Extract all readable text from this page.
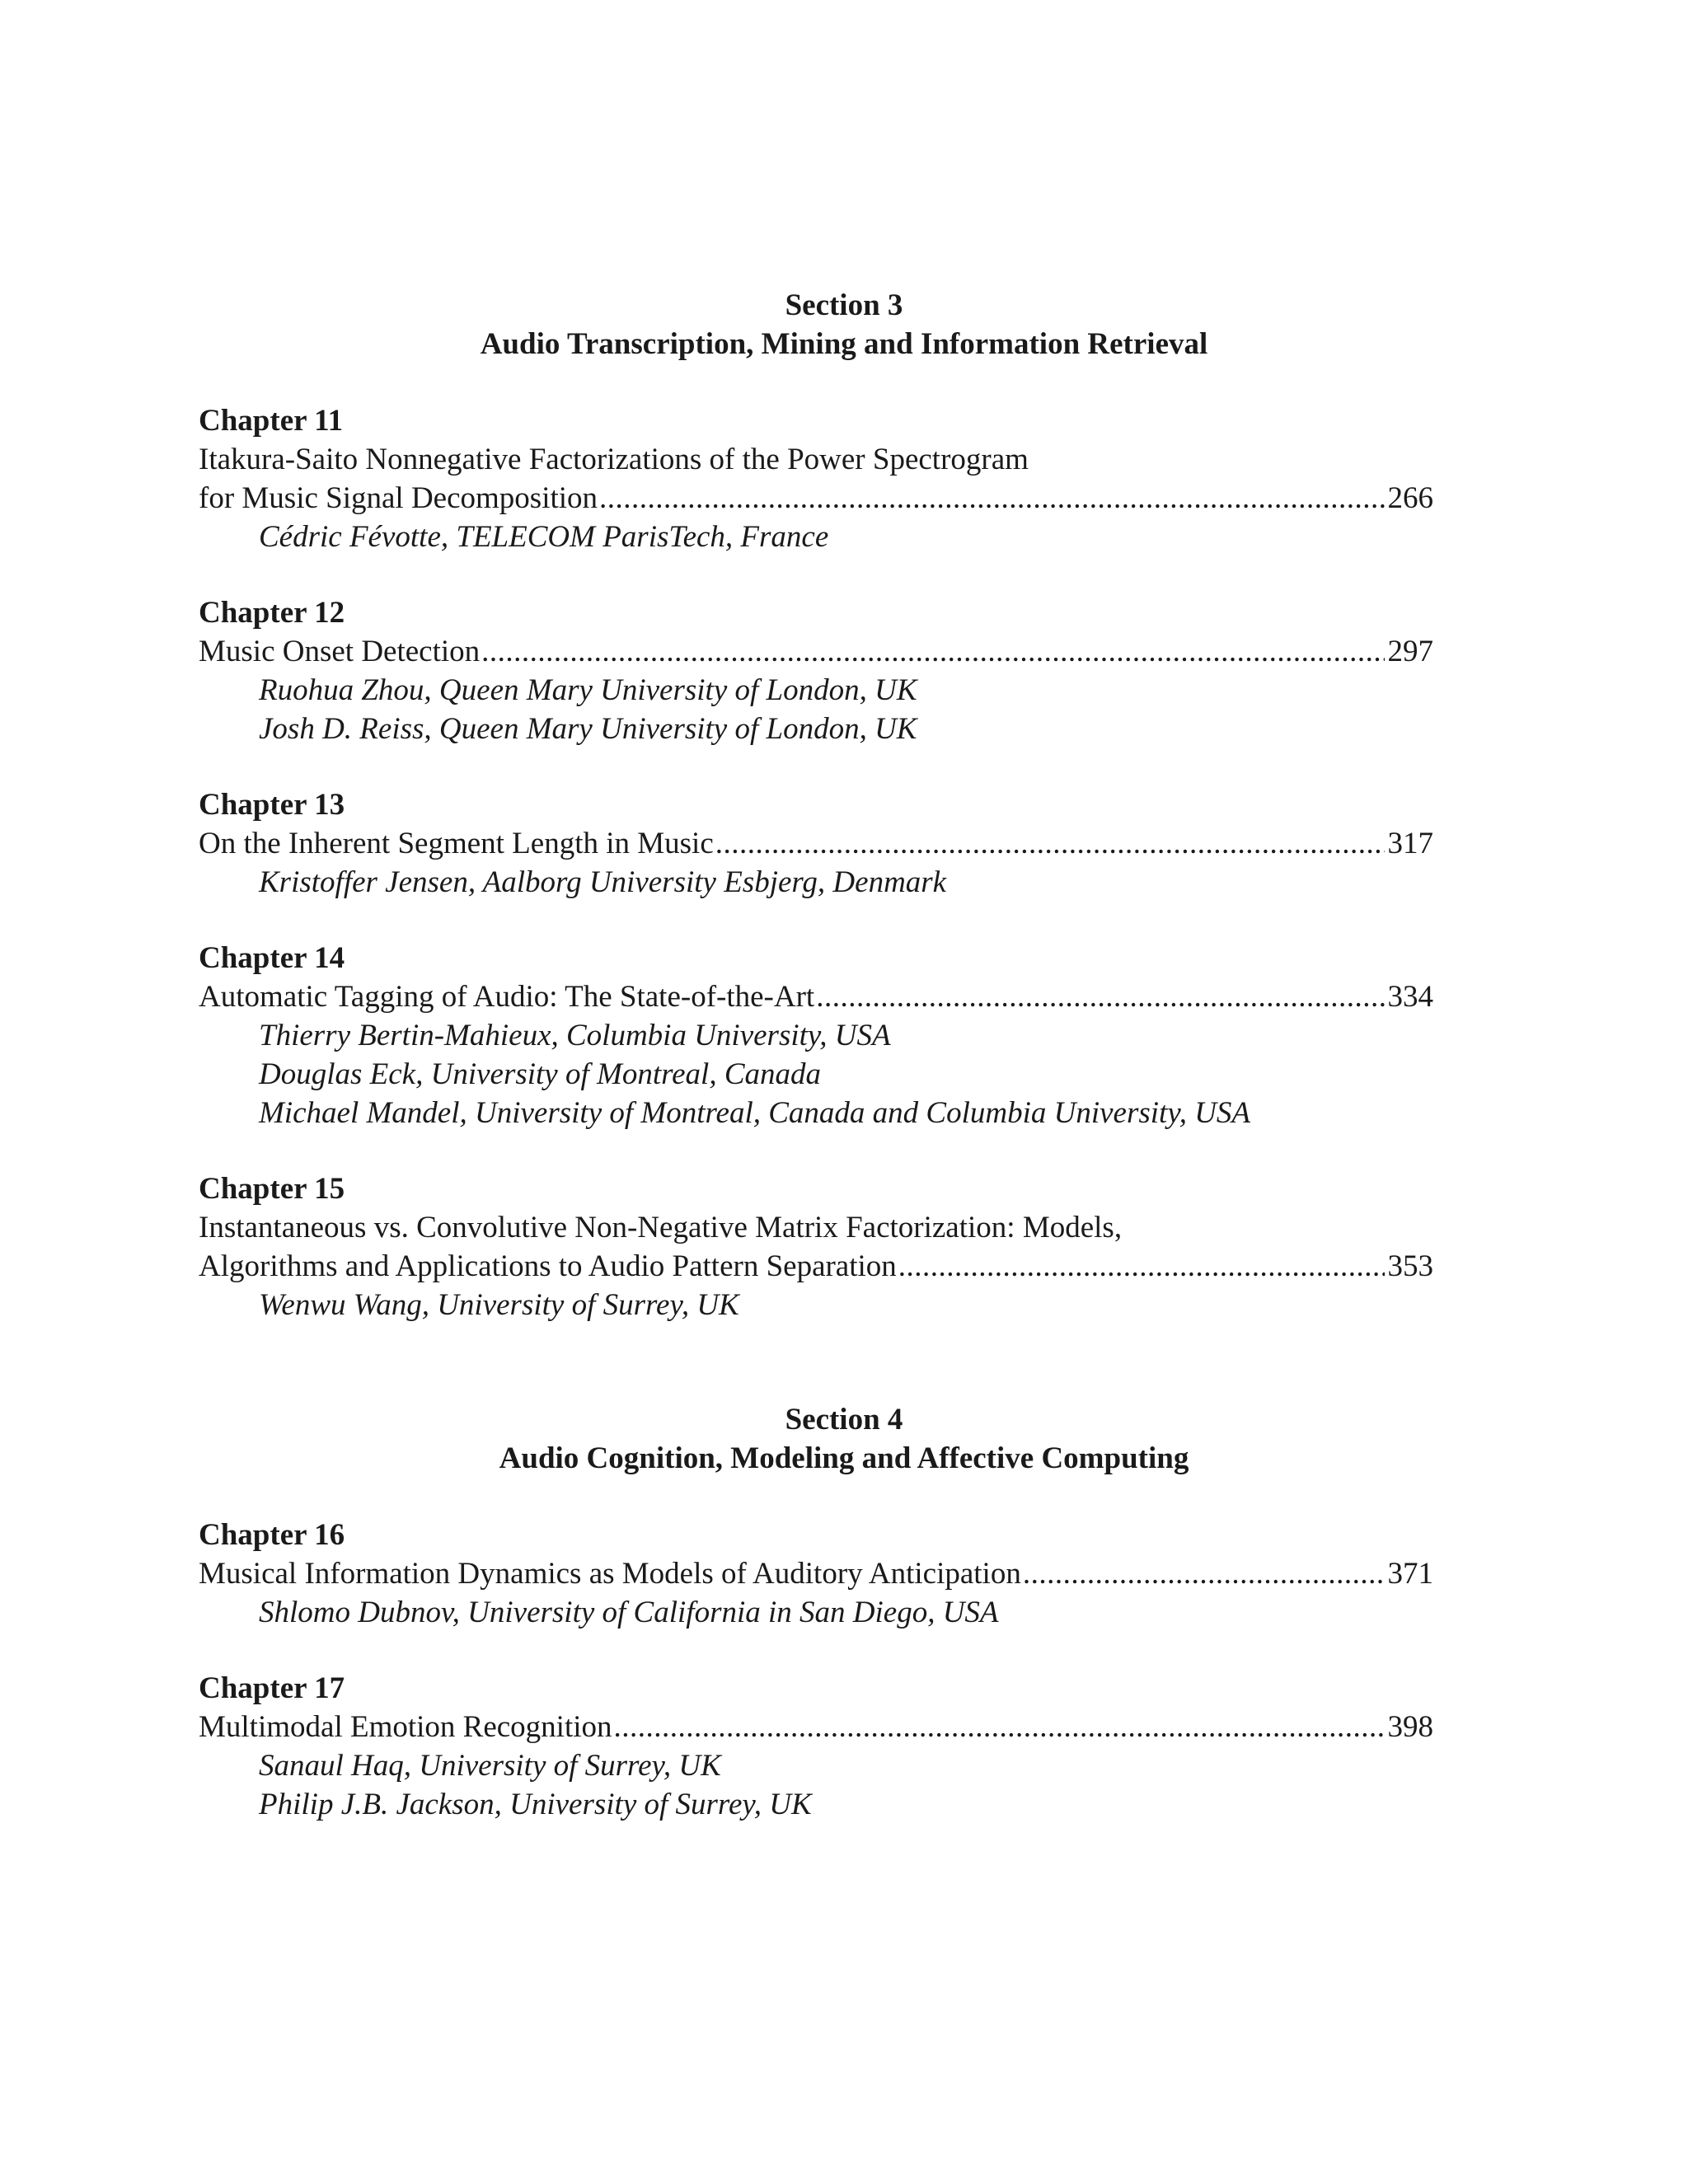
Section 3
Audio Transcription, Mining and Information Retrieval
Chapter 11
Itakura-Saito Nonnegative Factorizations of the Power Spectrogram
for Music Signal Decomposition .....	266
Cédric Févotte, TELECOM ParisTech, France
Chapter 12
Music Onset Detection .....	297
Ruohua Zhou, Queen Mary University of London, UK
Josh D. Reiss, Queen Mary University of London, UK
Chapter 13
On the Inherent Segment Length in Music .....	317
Kristoffer Jensen, Aalborg University Esbjerg, Denmark
Chapter 14
Automatic Tagging of Audio: The State-of-the-Art .....	334
Thierry Bertin-Mahieux, Columbia University, USA
Douglas Eck, University of Montreal, Canada
Michael Mandel, University of Montreal, Canada and Columbia University, USA
Chapter 15
Instantaneous vs. Convolutive Non-Negative Matrix Factorization: Models,
Algorithms and Applications to Audio Pattern Separation .....	353
Wenwu Wang, University of Surrey, UK
Section 4
Audio Cognition, Modeling and Affective Computing
Chapter 16
Musical Information Dynamics as Models of Auditory Anticipation .....	371
Shlomo Dubnov, University of California in San Diego, USA
Chapter 17
Multimodal Emotion Recognition .....	398
Sanaul Haq, University of Surrey, UK
Philip J.B. Jackson, University of Surrey, UK
